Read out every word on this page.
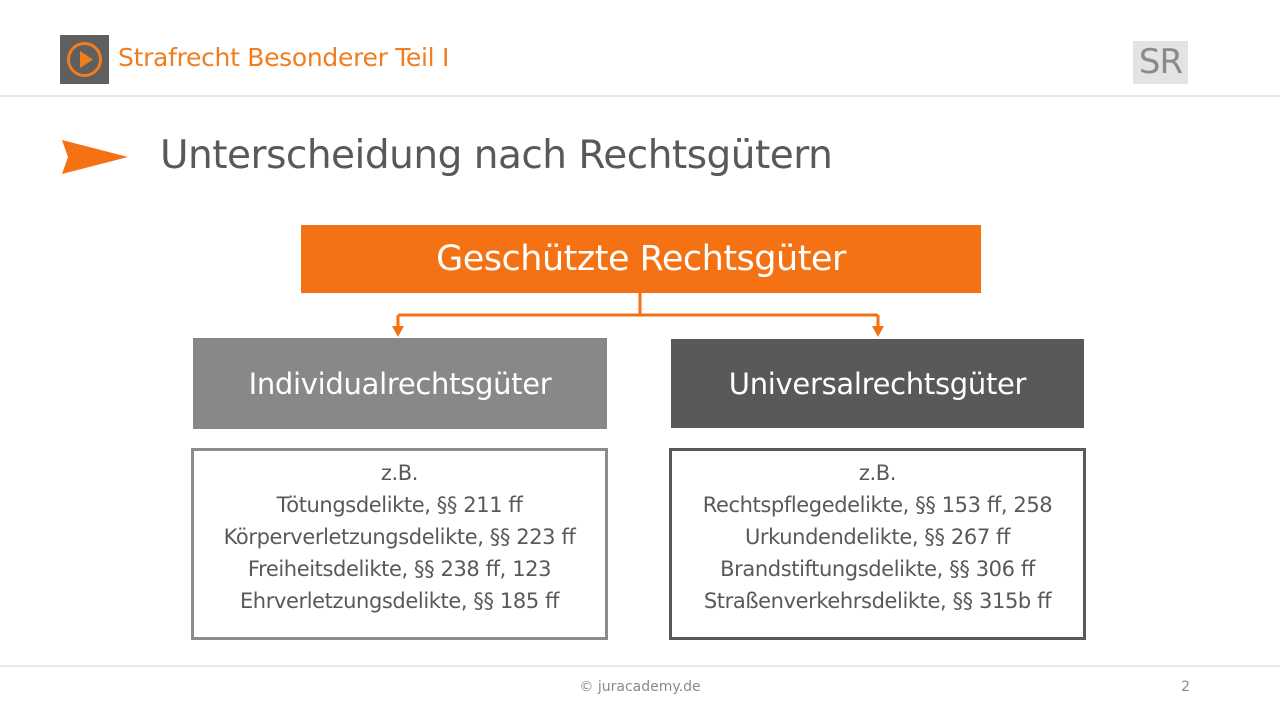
Strafrecht Besonderer Teil I	SR
Unterscheidung nach Rechtsgütern
Geschützte Rechtsgüter
Individualrechtsgüter	Universalrechtsgüter
z.B.
Tötungsdelikte, §§ 211 ff
Körperverletzungsdelikte, §§ 223 ff
Freiheitsdelikte, §§ 238 ff, 123
Ehrverletzungsdelikte, §§ 185 ff
z.B.
Rechtspflegedelikte, §§ 153 ff, 258
Urkundendelikte, §§ 267 ff
Brandstiftungsdelikte, §§ 306 ff
Straßenverkehrsdelikte, §§ 315b ff
© juracademy.de	2
